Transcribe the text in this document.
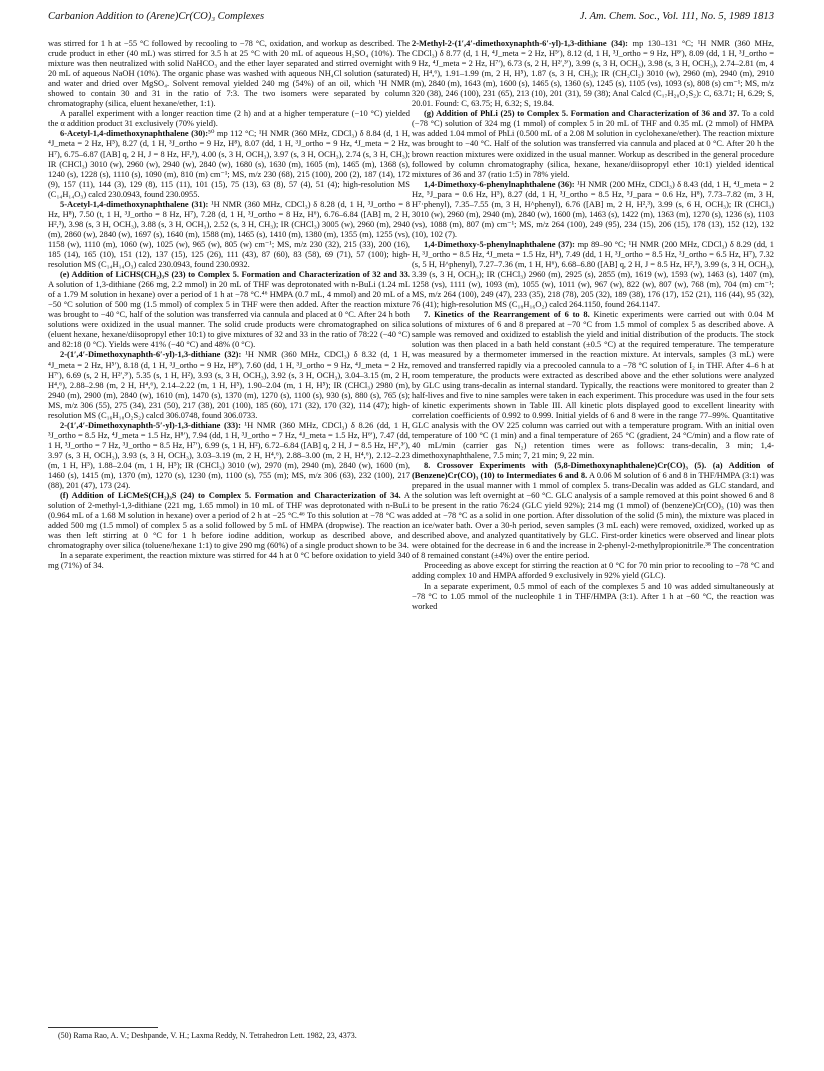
Carbanion Addition to (Arene)Cr(CO)₃ Complexes	J. Am. Chem. Soc., Vol. 111, No. 5, 1989 1813

was stirred for 1 h at −55 °C followed by recooling to −78 °C, oxidation, and workup as described. The crude product in ether (40 mL) was stirred for 3.5 h at 25 °C with 20 mL of aqueous H₂SO₄ (10%). The mixture was then neutralized with solid NaHCO₃ and the ether layer separated and stirred overnight with 20 mL of aqueous NaOH (10%). The organic phase was washed with aqueous NH₄Cl solution (saturated) and water and dried over MgSO₄. Solvent removal yielded 240 mg (54%) of an oil, which ¹H NMR showed to contain 30 and 31 in the ratio of 7:3. The two isomers were separated by column chromatography (silica, eluent hexane/ether, 1:1).

A parallel experiment with a longer reaction time (2 h) and at a higher temperature (−10 °C) yielded the α addition product 31 exclusively (70% yield).

6-Acetyl-1,4-dimethoxynaphthalene (30):⁵⁰ mp 112 °C; ¹H NMR (360 MHz, CDCl₃) δ 8.84 (d, 1 H, ⁴J_meta = 2 Hz, H⁵), 8.27 (d, 1 H, ³J_ortho = 9 Hz, H⁸), 8.07 (dd, 1 H, ³J_ortho = 9 Hz, ⁴J_meta = 2 Hz, H⁷), 6.75–6.87 ([AB] q, 2 H, J = 8 Hz, H²,³), 4.00 (s, 3 H, OCH₃), 3.97 (s, 3 H, OCH₃), 2.74 (s, 3 H, CH₃); IR (CHCl₃) 3010 (w), 2960 (w), 2940 (w), 2840 (w), 1680 (s), 1630 (m), 1605 (m), 1465 (m), 1368 (s), 1240 (s), 1228 (s), 1110 (s), 1090 (m), 810 (m) cm⁻¹; MS, m/z 230 (68), 215 (100), 200 (2), 187 (14), 172 (9), 157 (11), 144 (3), 129 (8), 115 (11), 101 (15), 75 (13), 63 (8), 57 (4), 51 (4); high-resolution MS (C₁₄H₁₄O₃) calcd 230.0943, found 230.0955.

5-Acetyl-1,4-dimethoxynaphthalene (31): ¹H NMR (360 MHz, CDCl₃) δ 8.28 (d, 1 H, ³J_ortho = 8 Hz, H⁸), 7.50 (t, 1 H, ³J_ortho = 8 Hz, H⁷), 7.28 (d, 1 H, ³J_ortho = 8 Hz, H⁶), 6.76–6.84 ([AB] m, 2 H, H²,³), 3.98 (s, 3 H, OCH₃), 3.88 (s, 3 H, OCH₃), 2.52 (s, 3 H, CH₃); IR (CHCl₃) 3005 (w), 2960 (m), 2940 (m), 2860 (w), 2840 (w), 1697 (s), 1640 (m), 1588 (m), 1465 (s), 1410 (m), 1380 (m), 1355 (m), 1255 (vs), 1158 (w), 1110 (m), 1060 (w), 1025 (w), 965 (w), 805 (w) cm⁻¹; MS, m/z 230 (32), 215 (33), 200 (16), 185 (14), 165 (10), 151 (12), 137 (15), 125 (26), 111 (43), 87 (60), 83 (58), 69 (71), 57 (100); high-resolution MS (C₁₄H₁₄O₃) calcd 230.0943, found 230.0932.

(e) Addition of LiCHS(CH₂)₃S (23) to Complex 5. Formation and Characterization of 32 and 33. A solution of 1,3-dithiane (266 mg, 2.2 mmol) in 20 mL of THF was deprotonated with n-BuLi (1.24 mL of a 1.79 M solution in hexane) over a period of 1 h at −78 °C.⁴⁶ HMPA (0.7 mL, 4 mmol) and 20 mL of a −50 °C solution of 500 mg (1.5 mmol) of complex 5 in THF were then added. After the reaction mixture was brought to −40 °C, half of the solution was transferred via cannula and placed at 0 °C. After 24 h both solutions were oxidized in the usual manner. The solid crude products were chromatographed on silica (eluent hexane, hexane/diisopropyl ether 10:1) to give mixtures of 32 and 33 in the ratio of 78:22 (−40 °C) and 82:18 (0 °C). Yields were 41% (−40 °C) and 48% (0 °C).

2-(1′,4′-Dimethoxynaphth-6′-yl)-1,3-dithiane (32): ¹H NMR (360 MHz, CDCl₃) δ 8.32 (d, 1 H, ⁴J_meta = 2 Hz, H⁵′), 8.18 (d, 1 H, ³J_ortho = 9 Hz, H⁸′), 7.60 (dd, 1 H, ³J_ortho = 9 Hz, ⁴J_meta = 2 Hz, H⁷′), 6.69 (s, 2 H, H²′,³′), 5.35 (s, 1 H, H²), 3.93 (s, 3 H, OCH₃), 3.92 (s, 3 H, OCH₃), 3.04–3.15 (m, 2 H, H⁴,⁶), 2.88–2.98 (m, 2 H, H⁴,⁶), 2.14–2.22 (m, 1 H, H⁵), 1.90–2.04 (m, 1 H, H⁵); IR (CHCl₃) 2980 (m), 2940 (m), 2900 (m), 2840 (w), 1610 (m), 1470 (s), 1370 (m), 1270 (s), 1100 (s), 930 (s), 880 (s), 765 (s); MS, m/z 306 (55), 275 (34), 231 (50), 217 (38), 201 (100), 185 (60), 171 (32), 170 (32), 114 (47); high-resolution MS (C₁₆H₁₈O₂S₂) calcd 306.0748, found 306.0733.

2-(1′,4′-Dimethoxynaphth-5′-yl)-1,3-dithiane (33): ¹H NMR (360 MHz, CDCl₃) δ 8.26 (dd, 1 H, ³J_ortho = 8.5 Hz, ⁴J_meta = 1.5 Hz, H⁸′), 7.94 (dd, 1 H, ³J_ortho = 7 Hz, ⁴J_meta = 1.5 Hz, H⁶′), 7.47 (dd, 1 H, ³J_ortho = 7 Hz, ³J_ortho = 8.5 Hz, H⁷′), 6.99 (s, 1 H, H²), 6.72–6.84 ([AB] q, 2 H, J = 8.5 Hz, H²′,³′), 3.97 (s, 3 H, OCH₃), 3.93 (s, 3 H, OCH₃), 3.03–3.19 (m, 2 H, H⁴,⁶), 2.88–3.00 (m, 2 H, H⁴,⁶), 2.12–2.23 (m, 1 H, H⁵), 1.88–2.04 (m, 1 H, H⁵); IR (CHCl₃) 3010 (w), 2970 (m), 2940 (m), 2840 (w), 1600 (m), 1460 (s), 1415 (m), 1370 (m), 1270 (s), 1230 (m), 1100 (s), 755 (m); MS, m/z 306 (63), 232 (100), 217 (88), 201 (47), 173 (24).

(f) Addition of LiCMeS(CH₂)₃S (24) to Complex 5. Formation and Characterization of 34. A solution of 2-methyl-1,3-dithiane (221 mg, 1.65 mmol) in 10 mL of THF was deprotonated with n-BuLi (0.964 mL of a 1.68 M solution in hexane) over a period of 2 h at −25 °C.⁴⁶ To this solution at −78 °C was added 500 mg (1.5 mmol) of complex 5 as a solid followed by 5 mL of HMPA (dropwise). The reaction was then left stirring at 0 °C for 1 h before iodine addition, workup as described above, and chromatography over silica (toluene/hexane 1:1) to give 290 mg (60%) of a single product shown to be 34.

In a separate experiment, the reaction mixture was stirred for 44 h at 0 °C before oxidation to yield 340 mg (71%) of 34.

2-Methyl-2-(1′,4′-dimethoxynaphth-6′-yl)-1,3-dithiane (34): mp 130–131 °C; ¹H NMR (360 MHz, CDCl₃) δ 8.77 (d, 1 H, ⁴J_meta = 2 Hz, H⁵′), 8.12 (d, 1 H, ³J_ortho = 9 Hz, H⁸′), 8.09 (dd, 1 H, ³J_ortho = 9 Hz, ⁴J_meta = 2 Hz, H⁷′), 6.73 (s, 2 H, H²′,³′), 3.99 (s, 3 H, OCH₃), 3.98 (s, 3 H, OCH₃), 2.74–2.81 (m, 4 H, H⁴,⁶), 1.91–1.99 (m, 2 H, H⁵), 1.87 (s, 3 H, CH₃); IR (CH₂Cl₂) 3010 (w), 2960 (m), 2940 (m), 2910 (m), 2840 (m), 1643 (m), 1600 (s), 1465 (s), 1360 (s), 1245 (s), 1105 (vs), 1093 (s), 808 (s) cm⁻¹; MS, m/z 320 (38), 246 (100), 231 (65), 213 (10), 201 (31), 59 (38); Anal Calcd (C₁₇H₂₀O₂S₂): C, 63.71; H, 6.29; S, 20.01. Found: C, 63.75; H, 6.32; S, 19.84.

(g) Addition of PhLi (25) to Complex 5. Formation and Characterization of 36 and 37. To a cold (−78 °C) solution of 324 mg (1 mmol) of complex 5 in 20 mL of THF and 0.35 mL (2 mmol) of HMPA was added 1.04 mmol of PhLi (0.500 mL of a 2.08 M solution in cyclohexane/ether). The reaction mixture was brought to −40 °C. Half of the solution was transferred via cannula and placed at 0 °C. After 20 h the brown reaction mixtures were oxidized in the usual manner. Workup as described in the general procedure followed by column chromatography (silica, hexane, hexane/diisopropyl ether 10:1) yielded identical mixtures of 36 and 37 (ratio 1:5) in 78% yield.

1,4-Dimethoxy-6-phenylnaphthalene (36): ¹H NMR (200 MHz, CDCl₃) δ 8.43 (dd, 1 H, ⁴J_meta = 2 Hz, ⁵J_para = 0.6 Hz, H⁵), 8.27 (dd, 1 H, ³J_ortho = 8.5 Hz, ⁵J_para = 0.6 Hz, H⁸), 7.73–7.82 (m, 3 H, H⁷·phenyl), 7.35–7.55 (m, 3 H, H^phenyl), 6.76 ([AB] m, 2 H, H²,³), 3.99 (s, 6 H, OCH₃); IR (CHCl₃) 3010 (w), 2960 (m), 2940 (m), 2840 (w), 1600 (m), 1463 (s), 1422 (m), 1363 (m), 1270 (s), 1236 (s), 1103 (vs), 1088 (m), 807 (m) cm⁻¹; MS, m/z 264 (100), 249 (95), 234 (15), 206 (15), 178 (13), 152 (12), 132 (10), 102 (7).

1,4-Dimethoxy-5-phenylnaphthalene (37): mp 89–90 °C; ¹H NMR (200 MHz, CDCl₃) δ 8.29 (dd, 1 H, ³J_ortho = 8.5 Hz, ⁴J_meta = 1.5 Hz, H⁸), 7.49 (dd, 1 H, ³J_ortho = 8.5 Hz, ³J_ortho = 6.5 Hz, H⁷), 7.32 (s, 5 H, H^phenyl), 7.27–7.36 (m, 1 H, H⁶), 6.68–6.80 ([AB] q, 2 H, J = 8.5 Hz, H²,³), 3.99 (s, 3 H, OCH₃), 3.39 (s, 3 H, OCH₃); IR (CHCl₃) 2960 (m), 2925 (s), 2855 (m), 1619 (w), 1593 (w), 1463 (s), 1407 (m), 1258 (vs), 1111 (w), 1093 (m), 1055 (w), 1011 (w), 967 (w), 822 (w), 807 (w), 768 (m), 704 (m) cm⁻¹; MS, m/z 264 (100), 249 (47), 233 (35), 218 (78), 205 (32), 189 (38), 176 (17), 152 (21), 116 (44), 95 (32), 76 (41); high-resolution MS (C₁₈H₁₆O₂) calcd 264.1150, found 264.1147.

7. Kinetics of the Rearrangement of 6 to 8. Kinetic experiments were carried out with 0.04 M solutions of mixtures of 6 and 8 prepared at −70 °C from 1.5 mmol of complex 5 as described above. A sample was removed and oxidized to establish the yield and initial distribution of the products. The stock solution was then placed in a bath held constant (±0.5 °C) at the required temperature. The temperature was measured by a thermometer immersed in the reaction mixture. At intervals, samples (3 mL) were removed and transferred rapidly via a precooled cannula to a −78 °C solution of I₂ in THF. After 4–6 h at room temperature, the products were extracted as described above and the ether solutions were analyzed by GLC using trans-decalin as internal standard. Typically, the reactions were monitored to greater than 2 half-lives and five to nine samples were taken in each experiment. This procedure was used in the four sets of kinetic experiments shown in Table III. All kinetic plots displayed good to excellent linearity with correlation coefficients of 0.992 to 0.999. Initial yields of 6 and 8 were in the range 77–99%. Quantitative GLC analysis with the OV 225 column was carried out with a temperature program. With an initial oven temperature of 100 °C (1 min) and a final temperature of 265 °C (gradient, 24 °C/min) and a flow rate of 40 mL/min (carrier gas N₂) retention times were as follows: trans-decalin, 3 min; 1,4-dimethoxynaphthalene, 7.5 min; 7, 21 min; 9, 22 min.

8. Crossover Experiments with (5,8-Dimethoxynaphthalene)Cr(CO)₃ (5). (a) Addition of (Benzene)Cr(CO)₃ (10) to Intermediates 6 and 8. A 0.06 M solution of 6 and 8 in THF/HMPA (3:1) was prepared in the usual manner with 1 mmol of complex 5. trans-Decalin was added as GLC standard, and the solution was left overnight at −60 °C. GLC analysis of a sample removed at this point showed 6 and 8 to be present in the ratio 76:24 (GLC yield 92%); 214 mg (1 mmol) of (benzene)Cr(CO)₃ (10) was then added at −78 °C as a solid in one portion. After dissolution of the solid (5 min), the mixture was placed in an ice/water bath. Over a 30-h period, seven samples (3 mL each) were removed, oxidized, worked up as described above, and analyzed quantitatively by GLC. First-order kinetics were observed and linear plots were obtained for the decrease in 6 and the increase in 2-phenyl-2-methylpropionitrile.³⁸ The concentration of 8 remained constant (±4%) over the entire period.

Proceeding as above except for stirring the reaction at 0 °C for 70 min prior to recooling to −78 °C and adding complex 10 and HMPA afforded 9 exclusively in 92% yield (GLC).

In a separate experiment, 0.5 mmol of each of the complexes 5 and 10 was added simultaneously at −78 °C to 1.05 mmol of the nucleophile 1 in THF/HMPA (3:1). After 1 h at −60 °C, the reaction was worked

(50) Rama Rao, A. V.; Deshpande, V. H.; Laxma Reddy, N. Tetrahedron Lett. 1982, 23, 4373.
